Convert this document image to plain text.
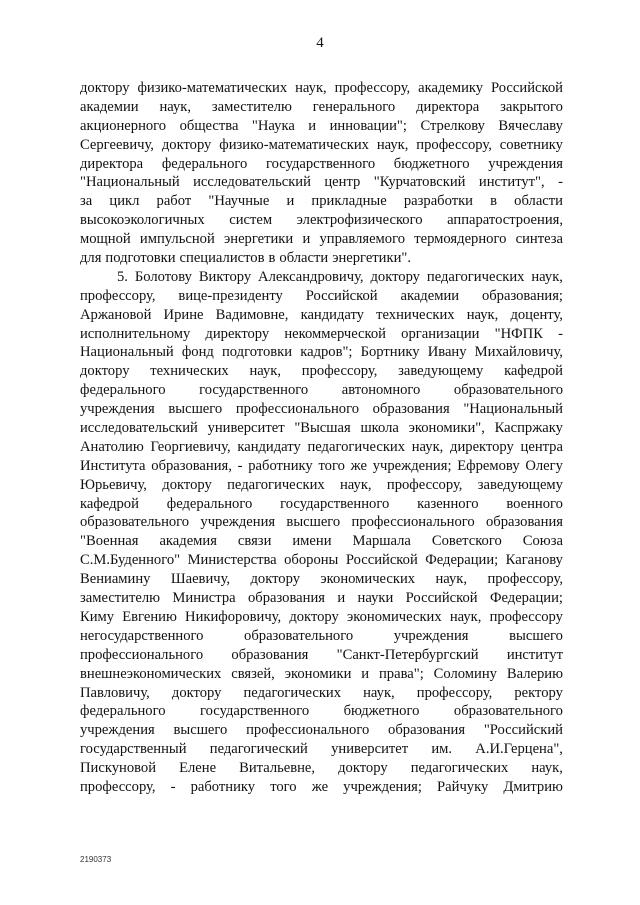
4
доктору физико-математических наук, профессору, академику Российской
академии наук, заместителю генерального директора закрытого
акционерного общества "Наука и инновации"; Стрелкову Вячеславу
Сергеевичу, доктору физико-математических наук, профессору, советнику
директора федерального государственного бюджетного учреждения
"Национальный исследовательский центр "Курчатовский институт", -
за цикл работ "Научные и прикладные разработки в области
высокоэкологичных систем электрофизического аппаратостроения,
мощной импульсной энергетики и управляемого термоядерного синтеза
для подготовки специалистов в области энергетики".
5. Болотову Виктору Александровичу, доктору педагогических наук,
профессору, вице-президенту Российской академии образования;
Аржановой Ирине Вадимовне, кандидату технических наук, доценту,
исполнительному директору некоммерческой организации "НФПК -
Национальный фонд подготовки кадров"; Бортнику Ивану Михайловичу,
доктору технических наук, профессору, заведующему кафедрой
федерального государственного автономного образовательного
учреждения высшего профессионального образования "Национальный
исследовательский университет "Высшая школа экономики", Каспржаку
Анатолию Георгиевичу, кандидату педагогических наук, директору центра
Института образования, - работнику того же учреждения; Ефремову Олегу
Юрьевичу, доктору педагогических наук, профессору, заведующему
кафедрой федерального государственного казенного военного
образовательного учреждения высшего профессионального образования
"Военная академия связи имени Маршала Советского Союза
С.М.Буденного" Министерства обороны Российской Федерации; Каганову
Вениамину Шаевичу, доктору экономических наук, профессору,
заместителю Министра образования и науки Российской Федерации;
Киму Евгению Никифоровичу, доктору экономических наук, профессору
негосударственного	образовательного	учреждения	высшего
профессионального образования "Санкт-Петербургский институт
внешнеэкономических связей, экономики и права"; Соломину Валерию
Павловичу, доктору педагогических наук, профессору, ректору
федерального государственного бюджетного образовательного
учреждения высшего профессионального образования "Российский
государственный педагогический университет им. А.И.Герцена",
Пискуновой Елене Витальевне, доктору педагогических наук,
профессору, - работнику того же учреждения; Райчуку Дмитрию
2190373
